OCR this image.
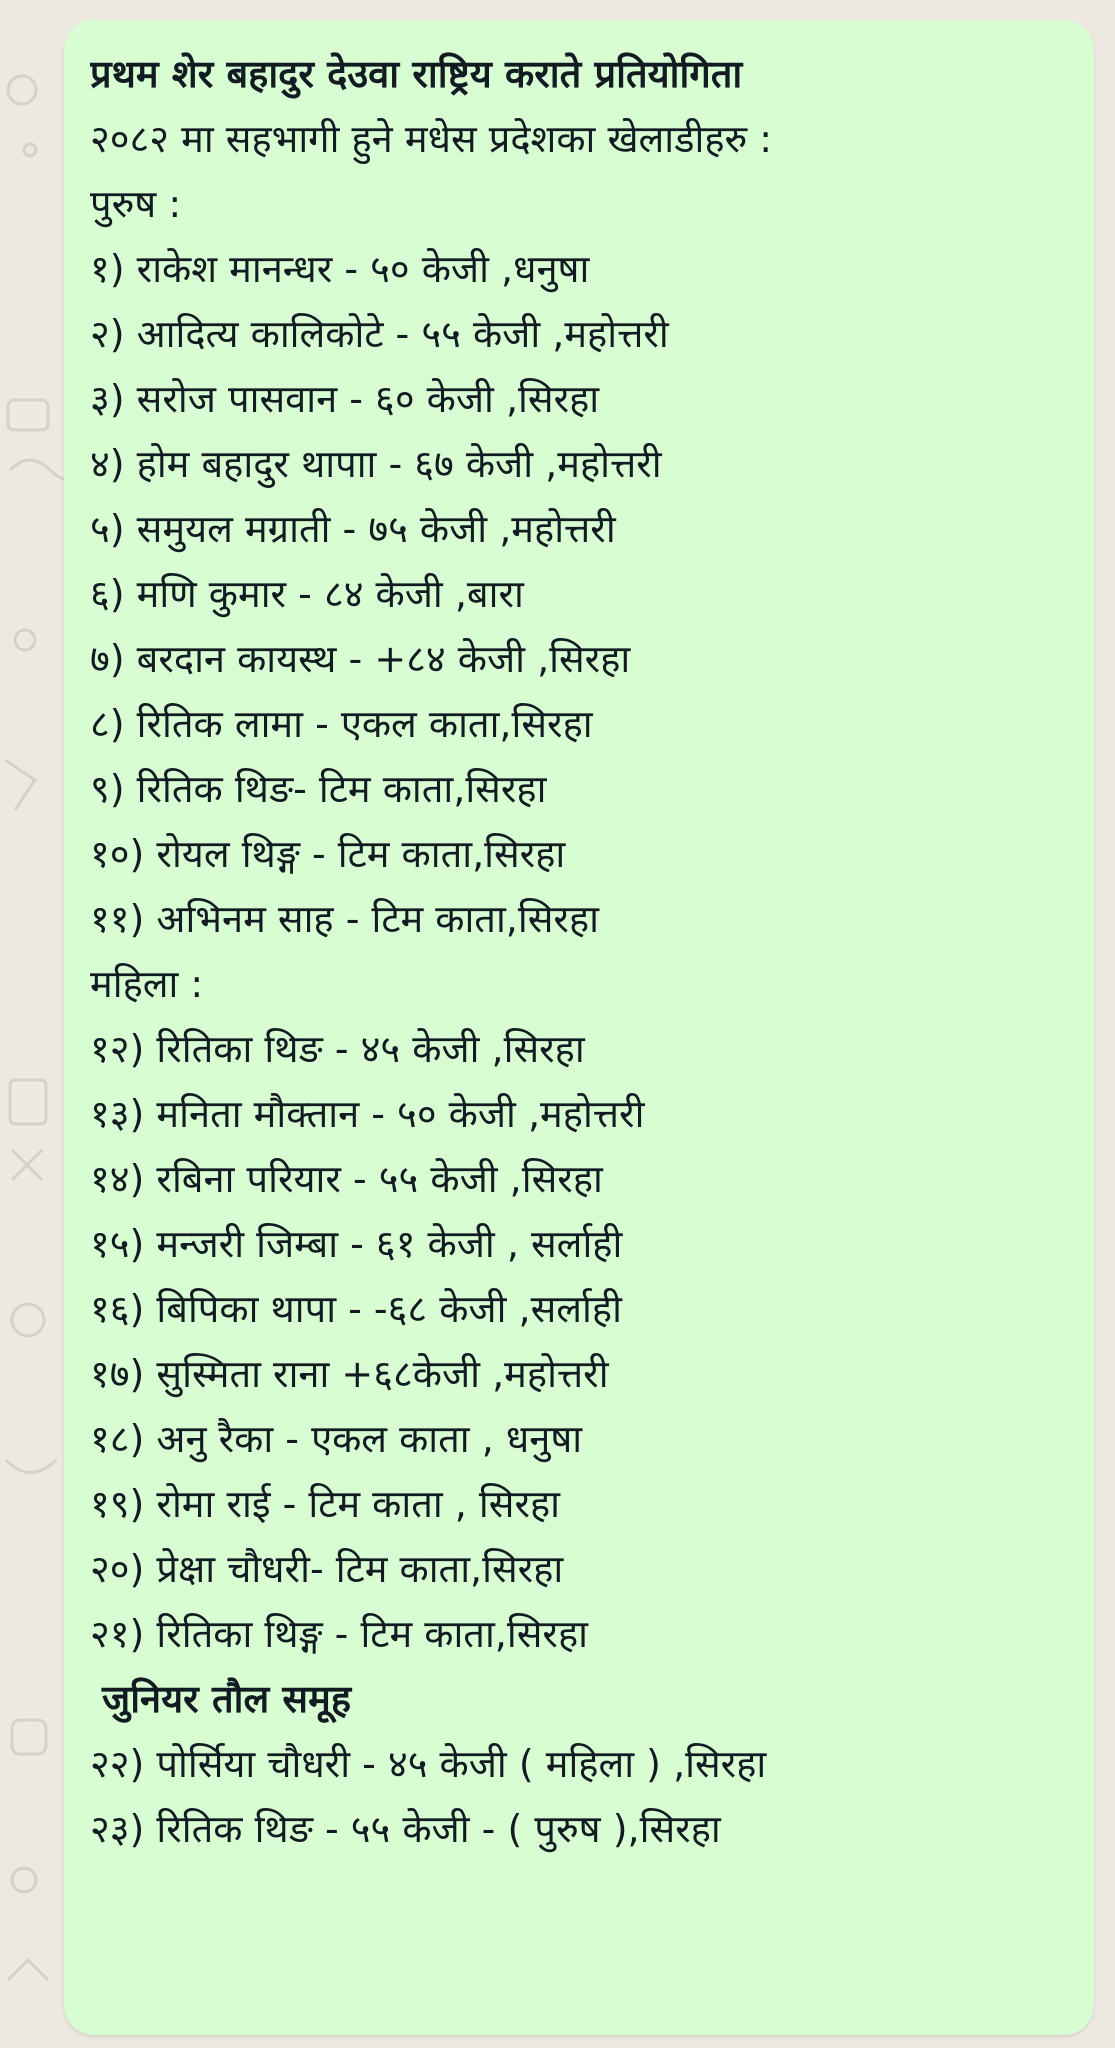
प्रथम शेर बहादुर देउवा राष्ट्रिय कराते प्रतियोगिता
२०८२ मा सहभागी हुने मधेस प्रदेशका खेलाडीहरु :
पुरुष :
१) राकेश मानन्धर - ५० केजी ,धनुषा
२) आदित्य कालिकोटे - ५५ केजी ,महोत्तरी
३) सरोज पासवान - ६० केजी ,सिरहा
४) होम बहादुर थापाा - ६७ केजी ,महोत्तरी
५) समुयल मग्राती - ७५ केजी ,महोत्तरी
६) मणि कुमार - ८४ केजी ,बारा
७) बरदान कायस्थ - +८४ केजी ,सिरहा
८) रितिक लामा - एकल काता,सिरहा
९) रितिक थिङ- टिम काता,सिरहा
१०) रोयल थिङ्ग - टिम काता,सिरहा
११) अभिनम साह - टिम काता,सिरहा
महिला :
१२) रितिका थिङ - ४५ केजी ,सिरहा
१३) मनिता मौक्तान - ५० केजी ,महोत्तरी
१४) रबिना परियार - ५५ केजी ,सिरहा
१५) मन्जरी जिम्बा - ६१ केजी , सर्लाही
१६) बिपिका थापा - -६८ केजी ,सर्लाही
१७) सुस्मिता राना +६८केजी ,महोत्तरी
१८) अनु रैका - एकल काता , धनुषा
१९) रोमा राई - टिम काता , सिरहा
२०) प्रेक्षा चौधरी- टिम काता,सिरहा
२१) रितिका थिङ्ग - टिम काता,सिरहा
जुनियर तौल समूह
२२) पोर्सिया चौधरी - ४५ केजी ( महिला ) ,सिरहा
२३) रितिक थिङ - ५५ केजी - ( पुरुष ),सिरहा
